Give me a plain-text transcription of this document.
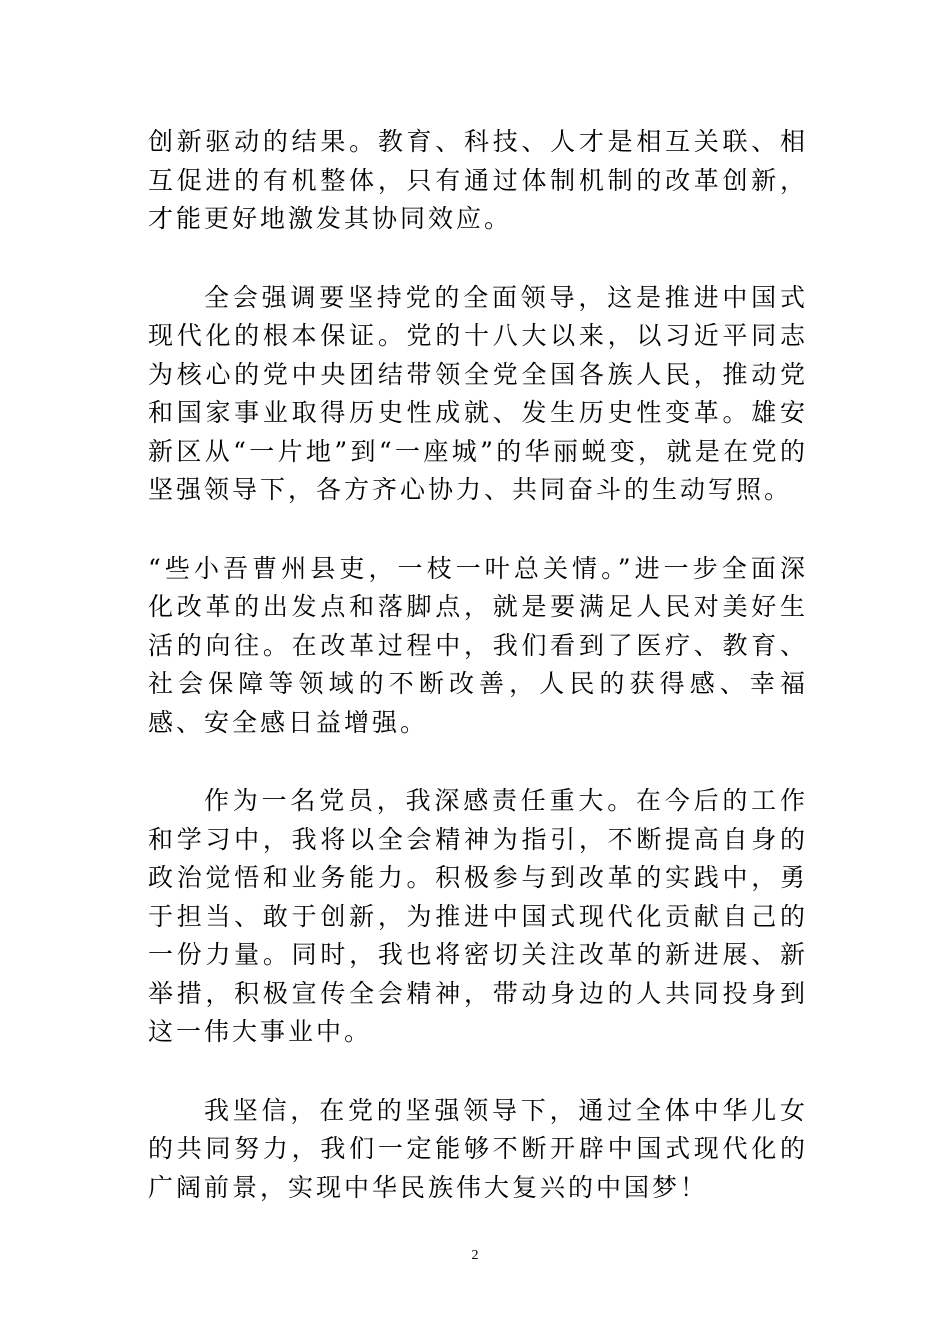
创新驱动的结果。教育、科技、人才是相互关联、相互促进的有机整体，只有通过体制机制的改革创新，才能更好地激发其协同效应。

全会强调要坚持党的全面领导，这是推进中国式现代化的根本保证。党的十八大以来，以习近平同志为核心的党中央团结带领全党全国各族人民，推动党和国家事业取得历史性成就、发生历史性变革。雄安新区从“一片地”到“一座城”的华丽蜕变，就是在党的坚强领导下，各方齐心协力、共同奋斗的生动写照。

“些小吾曹州县吏，一枝一叶总关情。”进一步全面深化改革的出发点和落脚点，就是要满足人民对美好生活的向往。在改革过程中，我们看到了医疗、教育、社会保障等领域的不断改善，人民的获得感、幸福感、安全感日益增强。

作为一名党员，我深感责任重大。在今后的工作和学习中，我将以全会精神为指引，不断提高自身的政治觉悟和业务能力。积极参与到改革的实践中，勇于担当、敢于创新，为推进中国式现代化贡献自己的一份力量。同时，我也将密切关注改革的新进展、新举措，积极宣传全会精神，带动身边的人共同投身到这一伟大事业中。

我坚信，在党的坚强领导下，通过全体中华儿女的共同努力，我们一定能够不断开辟中国式现代化的广阔前景，实现中华民族伟大复兴的中国梦！

2
